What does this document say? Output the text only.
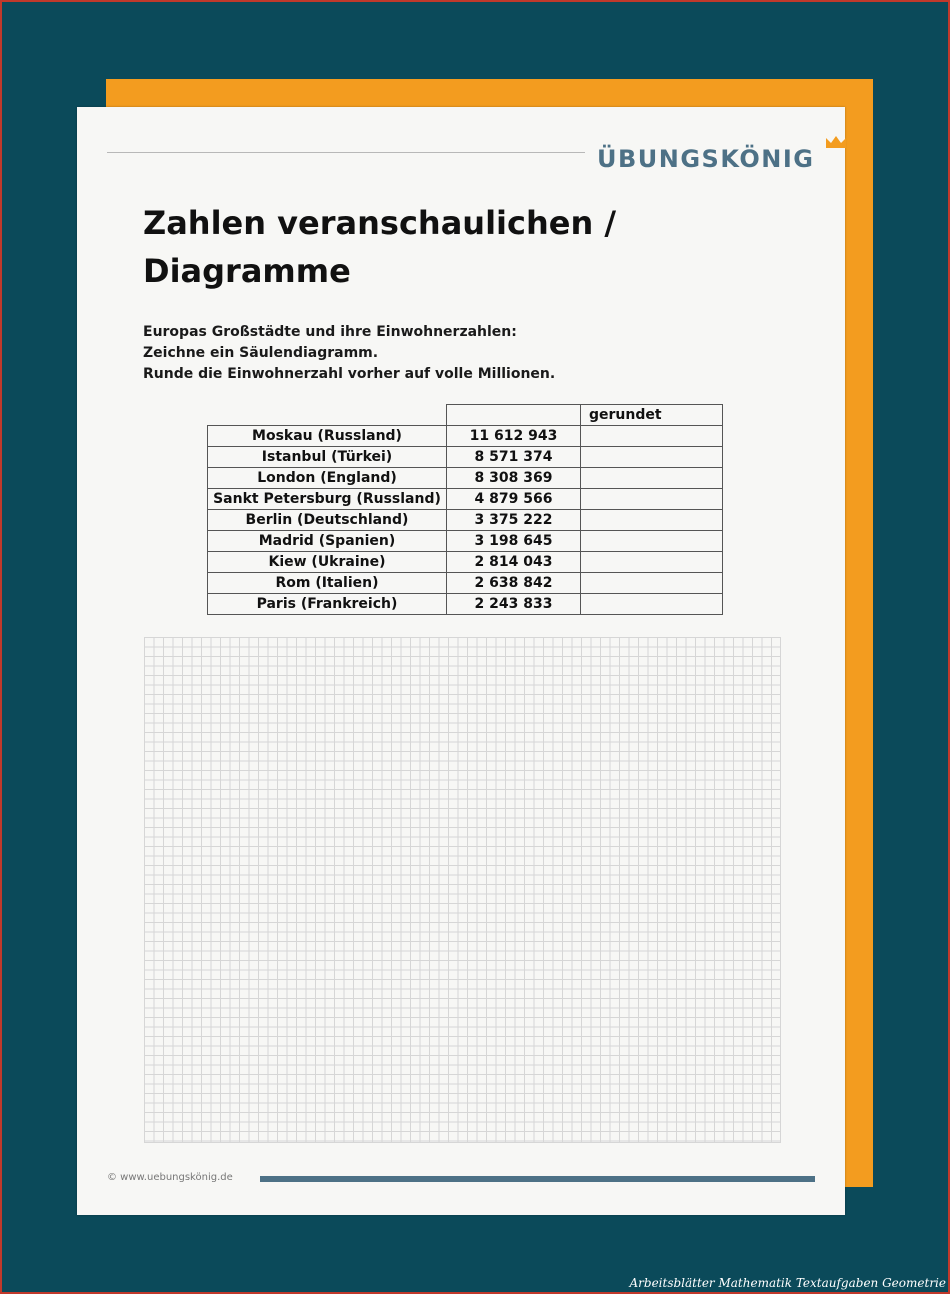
ÜBUNGSKÖNIG
Zahlen veranschaulichen /
Diagramme
Europas Großstädte und ihre Einwohnerzahlen:
Zeichne ein Säulendiagramm.
Runde die Einwohnerzahl vorher auf volle Millionen.
		gerundet
Moskau (Russland)	11 612 943	
Istanbul (Türkei)	8 571 374	
London (England)	8 308 369	
Sankt Petersburg (Russland)	4 879 566	
Berlin (Deutschland)	3 375 222	
Madrid (Spanien)	3 198 645	
Kiew (Ukraine)	2 814 043	
Rom (Italien)	2 638 842	
Paris (Frankreich)	2 243 833	
© www.uebungskönig.de
Arbeitsblätter Mathematik Textaufgaben Geometrie
